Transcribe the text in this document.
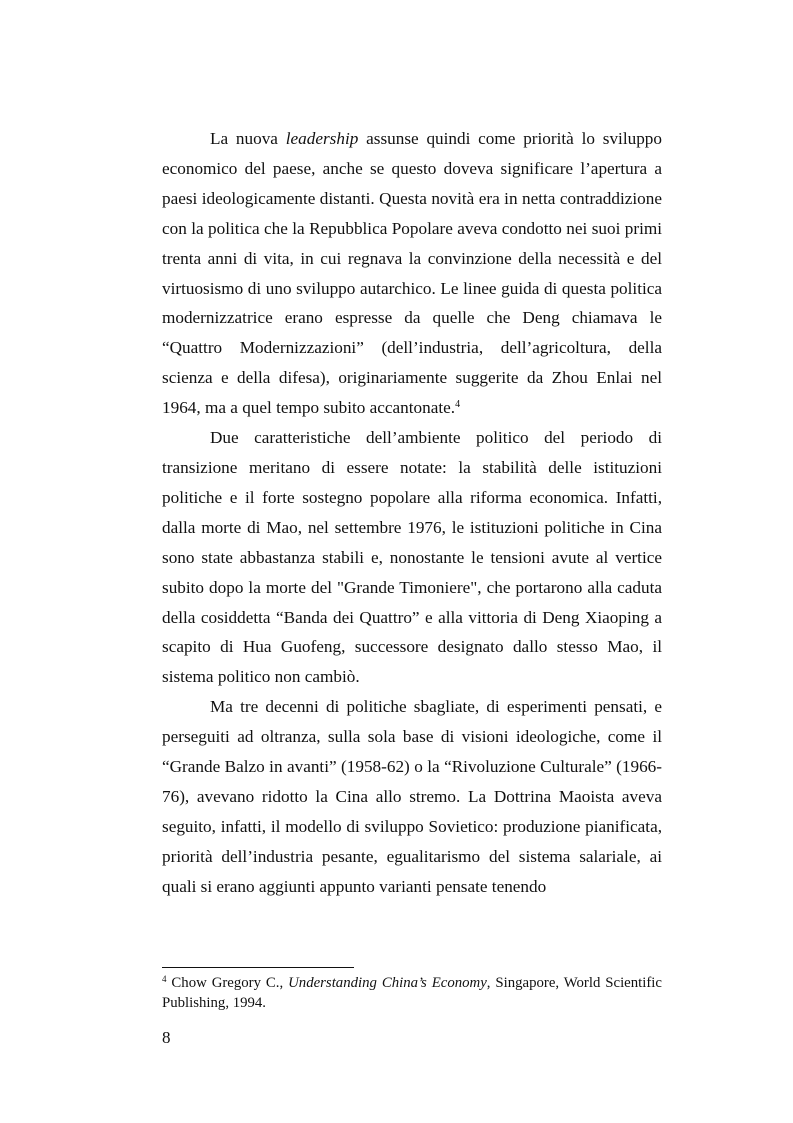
La nuova leadership assunse quindi come priorità lo sviluppo economico del paese, anche se questo doveva significare l’apertura a paesi ideologicamente distanti. Questa novità era in netta contraddizione con la politica che la Repubblica Popolare aveva condotto nei suoi primi trenta anni di vita, in cui regnava la convinzione della necessità e del virtuosismo di uno sviluppo autarchico. Le linee guida di questa politica modernizzatrice erano espresse da quelle che Deng chiamava le “Quattro Modernizzazioni” (dell’industria, dell’agricoltura, della scienza e della difesa), originariamente suggerite da Zhou Enlai nel 1964, ma a quel tempo subito accantonate.$^4$

Due caratteristiche dell’ambiente politico del periodo di transizione meritano di essere notate: la stabilità delle istituzioni politiche e il forte sostegno popolare alla riforma economica. Infatti, dalla morte di Mao, nel settembre 1976, le istituzioni politiche in Cina sono state abbastanza stabili e, nonostante le tensioni avute al vertice subito dopo la morte del "Grande Timoniere", che portarono alla caduta della cosiddetta “Banda dei Quattro” e alla vittoria di Deng Xiaoping a scapito di Hua Guofeng, successore designato dallo stesso Mao, il sistema politico non cambiò.

Ma tre decenni di politiche sbagliate, di esperimenti pensati, e perseguiti ad oltranza, sulla sola base di visioni ideologiche, come il “Grande Balzo in avanti” (1958-62) o la “Rivoluzione Culturale” (1966-76), avevano ridotto la Cina allo stremo. La Dottrina Maoista aveva seguito, infatti, il modello di sviluppo Sovietico: produzione pianificata, priorità dell’industria pesante, egualitarismo del sistema salariale, ai quali si erano aggiunti appunto varianti pensate tenendo

$^4$ Chow Gregory C., Understanding China’s Economy, Singapore, World Scientific Publishing, 1994.

8
